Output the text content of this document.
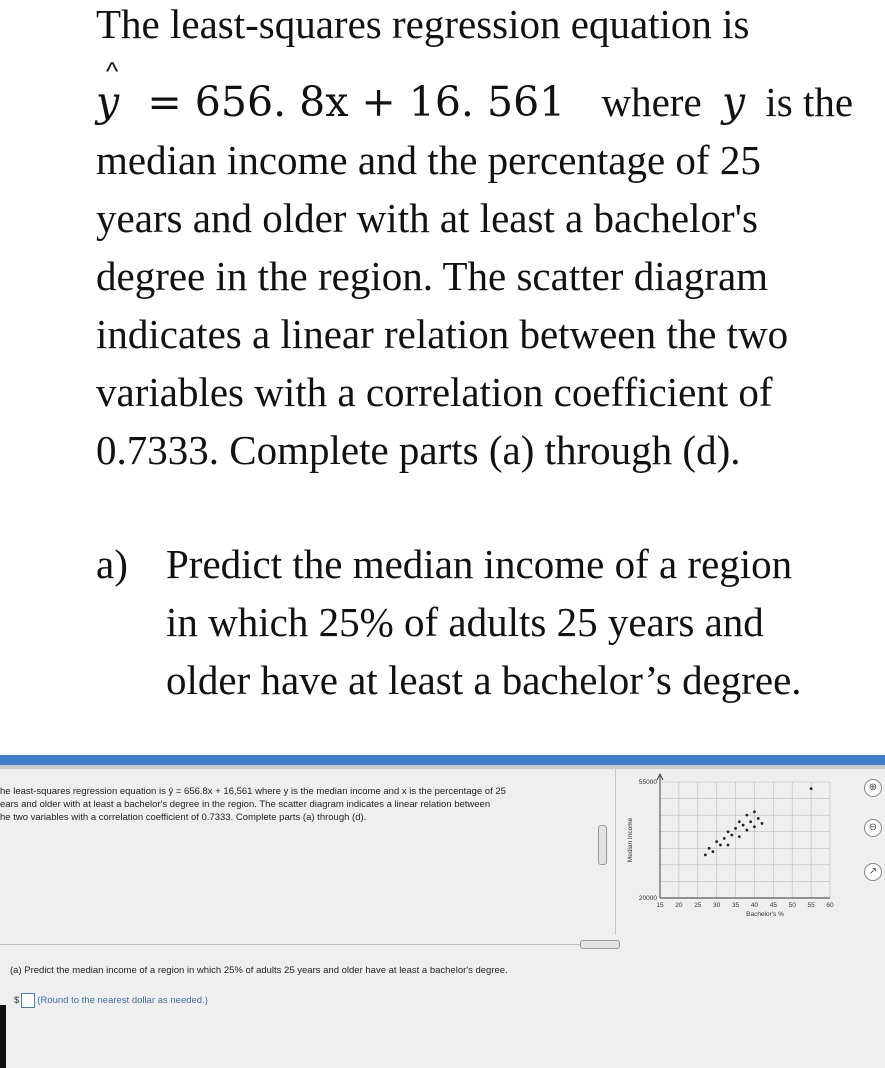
The least-squares regression equation is
^
y = 656. 8x + 16. 561 where y is the
median income and the percentage of 25
years and older with at least a bachelor's
degree in the region. The scatter diagram
indicates a linear relation between the two
variables with a correlation coefficient of
0.7333. Complete parts (a) through (d).
a) Predict the median income of a region
in which 25% of adults 25 years and
older have at least a bachelor’s degree.
he least-squares regression equation is ŷ = 656.8x + 16,561 where y is the median income and x is the percentage of 25
ears and older with at least a bachelor's degree in the region. The scatter diagram indicates a linear relation between
he two variables with a correlation coefficient of 0.7333. Complete parts (a) through (d).
15 20 25 30 35 40 45 50 55 60
20000
55000
Median Income
Bachelor's %
(a) Predict the median income of a region in which 25% of adults 25 years and older have at least a bachelor's degree.
$ (Round to the nearest dollar as needed.)
⊕
⊖
↗
